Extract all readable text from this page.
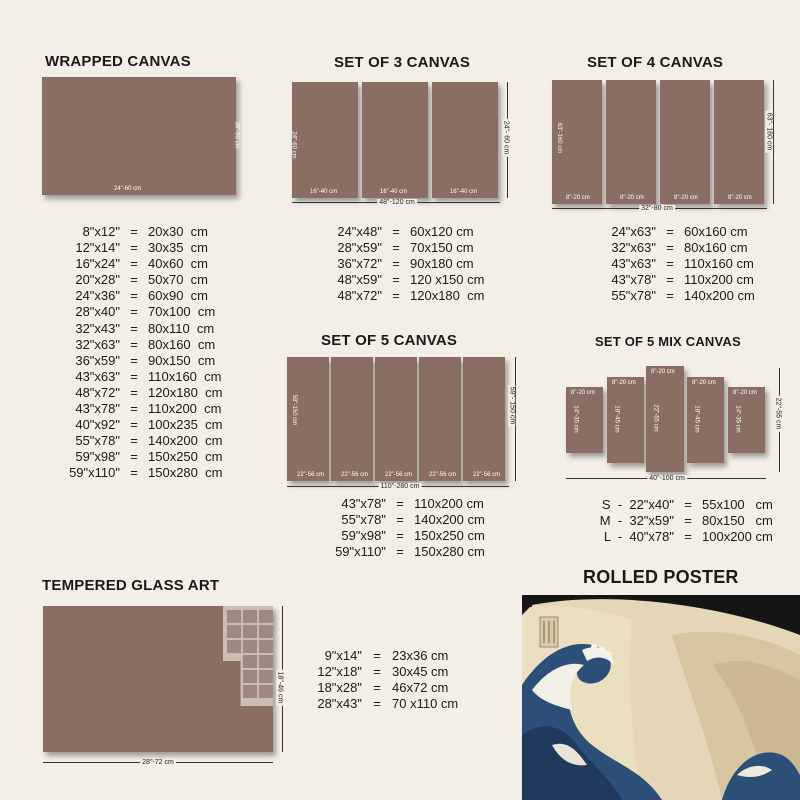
WRAPPED CANVAS
24"-60 cm
36"-90 cm
8"x12" = 20x30  cm
12"x14" = 30x35  cm
16"x24" = 40x60  cm
20"x28" = 50x70  cm
24"x36" = 60x90  cm
28"x40" = 70x100  cm
32"x43" = 80x110  cm
32"x63" = 80x160  cm
36"x59" = 90x150  cm
43"x63" = 110x160  cm
48"x72" = 120x180  cm
43"x78" = 110x200  cm
40"x92" = 100x235  cm
55"x78" = 140x200  cm
59"x98" = 150x250  cm
59"x110" = 150x280  cm
SET OF 3 CANVAS
16"-40 cm
24"-60 cm
16"-40 cm	16"-40 cm
48"-120 cm
24"- 60 cm
24"x48" = 60x120 cm
28"x59" = 70x150 cm
36"x72" = 90x180 cm
48"x59" = 120 x150 cm
48"x72" = 120x180  cm
SET OF 4 CANVAS
8"-20 cm
63"-160 cm
8"-20 cm	8"-20 cm	8"-20 cm
32"-80 cm
63"- 160 cm
24"x63" = 60x160 cm
32"x63" = 80x160 cm
43"x63" = 110x160 cm
43"x78" = 110x200 cm
55"x78" = 140x200 cm
SET OF 5 CANVAS
22"-56 cm
59"-150 cm
22"-56 cm	22"-56 cm	22"-56 cm	22"-56 cm
110"-280 cm
59"- 150 cm
43"x78" = 110x200 cm
55"x78" = 140x200 cm
59"x98" = 150x250 cm
59"x110" = 150x280 cm
SET OF 5 MIX CANVAS
8"-20 cm
14"-35 cm
8"-20 cm
18"-45 cm
8"-20 cm
22"-55 cm
8"-20 cm
18"-45 cm
8"-20 cm
14"-35 cm
40"-100 cm
22"-55 cm
S  -  22"x40" = 55x100   cm
M  -  32"x59" = 80x150   cm
L  -  40"x78" = 100x200 cm
TEMPERED GLASS ART
28"-72 cm
18"-46 cm
9"x14" = 23x36 cm
12"x18" = 30x45 cm
18"x28" = 46x72 cm
28"x43" = 70 x110 cm
ROLLED POSTER
